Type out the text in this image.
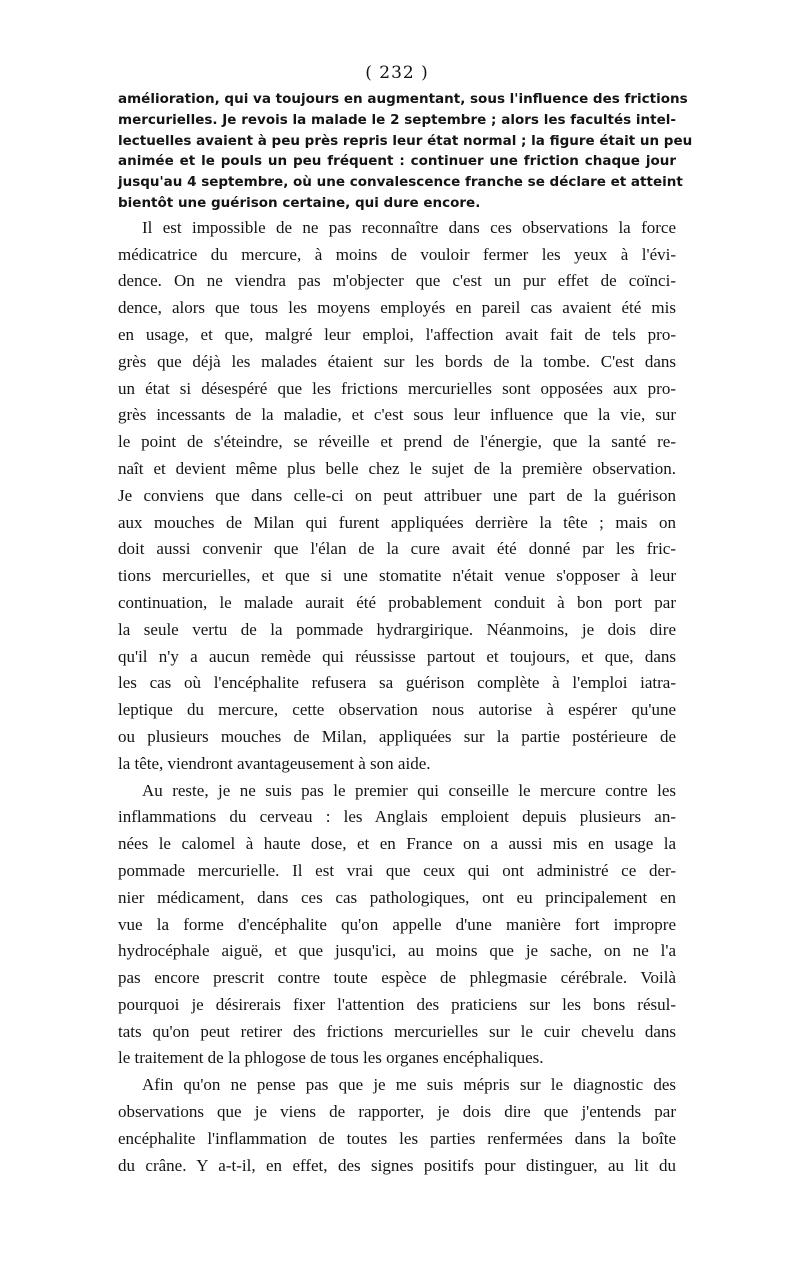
( 232 )
amélioration, qui va toujours en augmentant, sous l'influence des frictions
mercurielles. Je revois la malade le 2 septembre ; alors les facultés intel-
lectuelles avaient à peu près repris leur état normal ; la figure était un peu
animée et le pouls un peu fréquent : continuer une friction chaque jour
jusqu'au 4 septembre, où une convalescence franche se déclare et atteint
bientôt une guérison certaine, qui dure encore.
Il est impossible de ne pas reconnaître dans ces observations la force
médicatrice du mercure, à moins de vouloir fermer les yeux à l'évi-
dence. On ne viendra pas m'objecter que c'est un pur effet de coïnci-
dence, alors que tous les moyens employés en pareil cas avaient été mis
en usage, et que, malgré leur emploi, l'affection avait fait de tels pro-
grès que déjà les malades étaient sur les bords de la tombe. C'est dans
un état si désespéré que les frictions mercurielles sont opposées aux pro-
grès incessants de la maladie, et c'est sous leur influence que la vie, sur
le point de s'éteindre, se réveille et prend de l'énergie, que la santé re-
naît et devient même plus belle chez le sujet de la première observation.
Je conviens que dans celle-ci on peut attribuer une part de la guérison
aux mouches de Milan qui furent appliquées derrière la tête ; mais on
doit aussi convenir que l'élan de la cure avait été donné par les fric-
tions mercurielles, et que si une stomatite n'était venue s'opposer à leur
continuation, le malade aurait été probablement conduit à bon port par
la seule vertu de la pommade hydrargirique. Néanmoins, je dois dire
qu'il n'y a aucun remède qui réussisse partout et toujours, et que, dans
les cas où l'encéphalite refusera sa guérison complète à l'emploi iatra-
leptique du mercure, cette observation nous autorise à espérer qu'une
ou plusieurs mouches de Milan, appliquées sur la partie postérieure de
la tête, viendront avantageusement à son aide.
Au reste, je ne suis pas le premier qui conseille le mercure contre les
inflammations du cerveau : les Anglais emploient depuis plusieurs an-
nées le calomel à haute dose, et en France on a aussi mis en usage la
pommade mercurielle. Il est vrai que ceux qui ont administré ce der-
nier médicament, dans ces cas pathologiques, ont eu principalement en
vue la forme d'encéphalite qu'on appelle d'une manière fort impropre
hydrocéphale aiguë, et que jusqu'ici, au moins que je sache, on ne l'a
pas encore prescrit contre toute espèce de phlegmasie cérébrale. Voilà
pourquoi je désirerais fixer l'attention des praticiens sur les bons résul-
tats qu'on peut retirer des frictions mercurielles sur le cuir chevelu dans
le traitement de la phlogose de tous les organes encéphaliques.
Afin qu'on ne pense pas que je me suis mépris sur le diagnostic des
observations que je viens de rapporter, je dois dire que j'entends par
encéphalite l'inflammation de toutes les parties renfermées dans la boîte
du crâne. Y a-t-il, en effet, des signes positifs pour distinguer, au lit du
